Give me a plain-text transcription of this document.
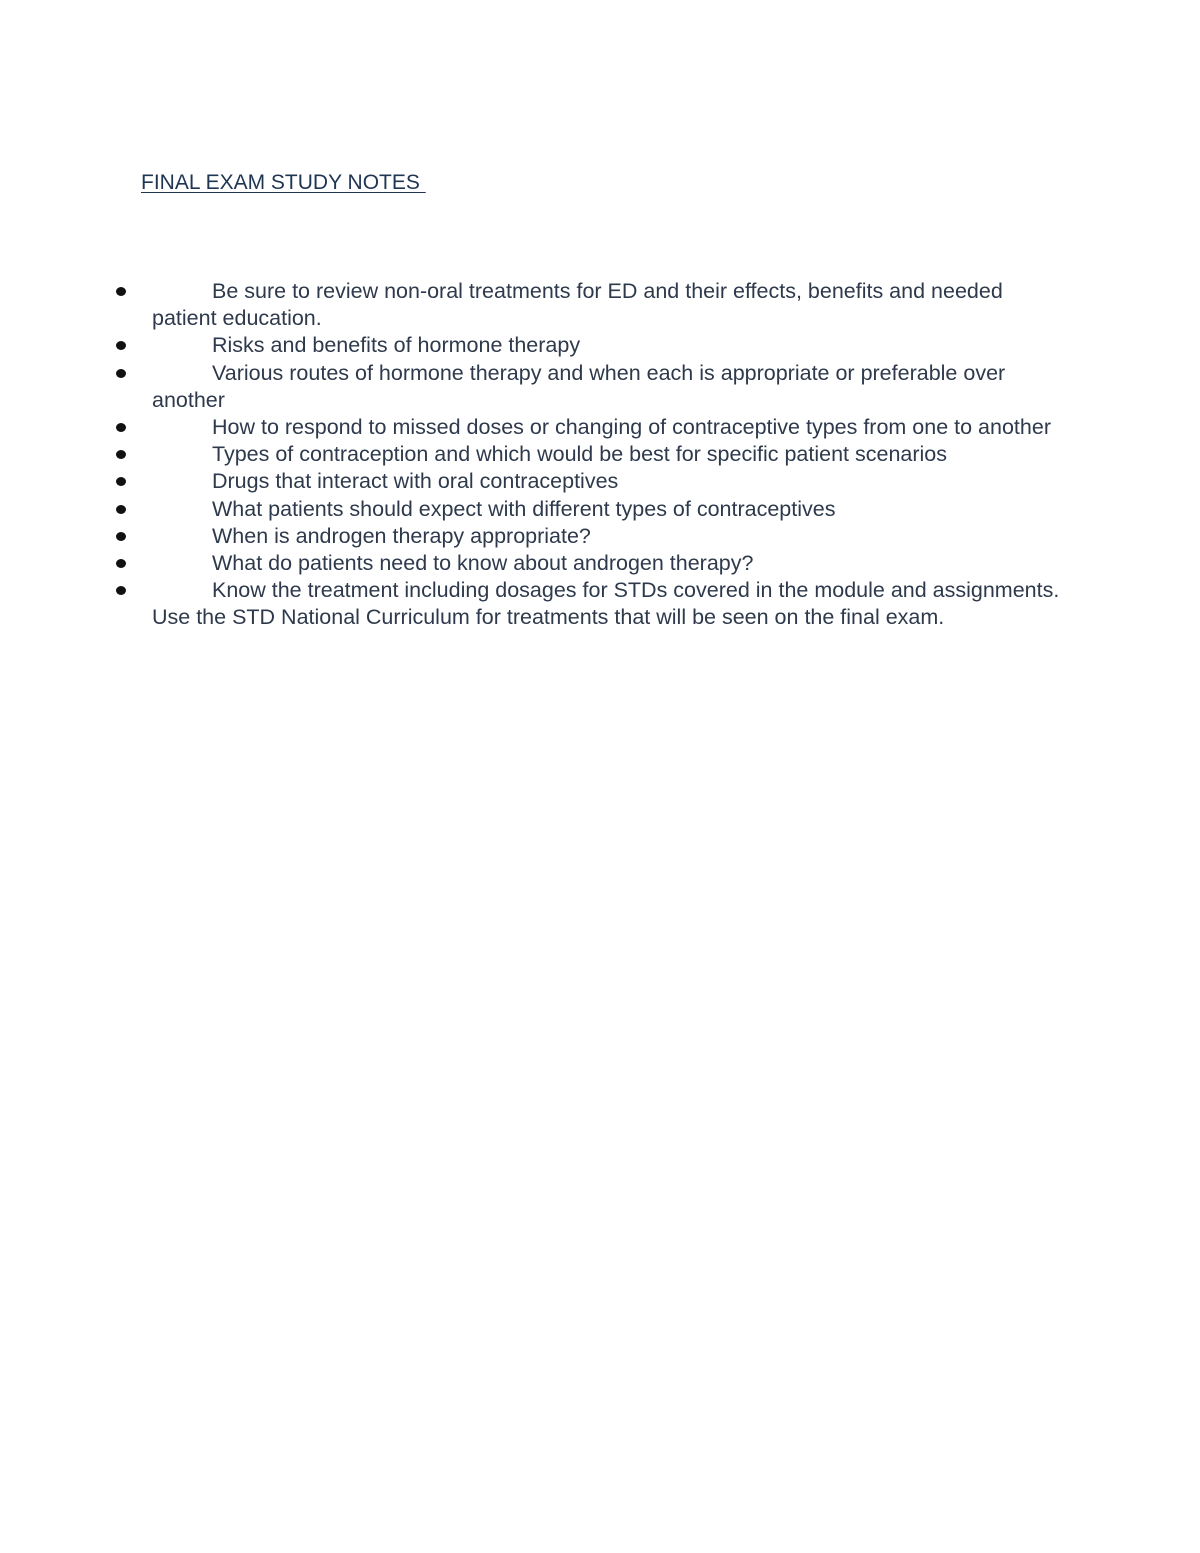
FINAL EXAM STUDY NOTES
Be sure to review non-oral treatments for ED and their effects, benefits and needed patient education.
Risks and benefits of hormone therapy
Various routes of hormone therapy and when each is appropriate or preferable over another
How to respond to missed doses or changing of contraceptive types from one to another
Types of contraception and which would be best for specific patient scenarios
Drugs that interact with oral contraceptives
What patients should expect with different types of contraceptives
When is androgen therapy appropriate?
What do patients need to know about androgen therapy?
Know the treatment including dosages for STDs covered in the module and assignments. Use the STD National Curriculum for treatments that will be seen on the final exam.
